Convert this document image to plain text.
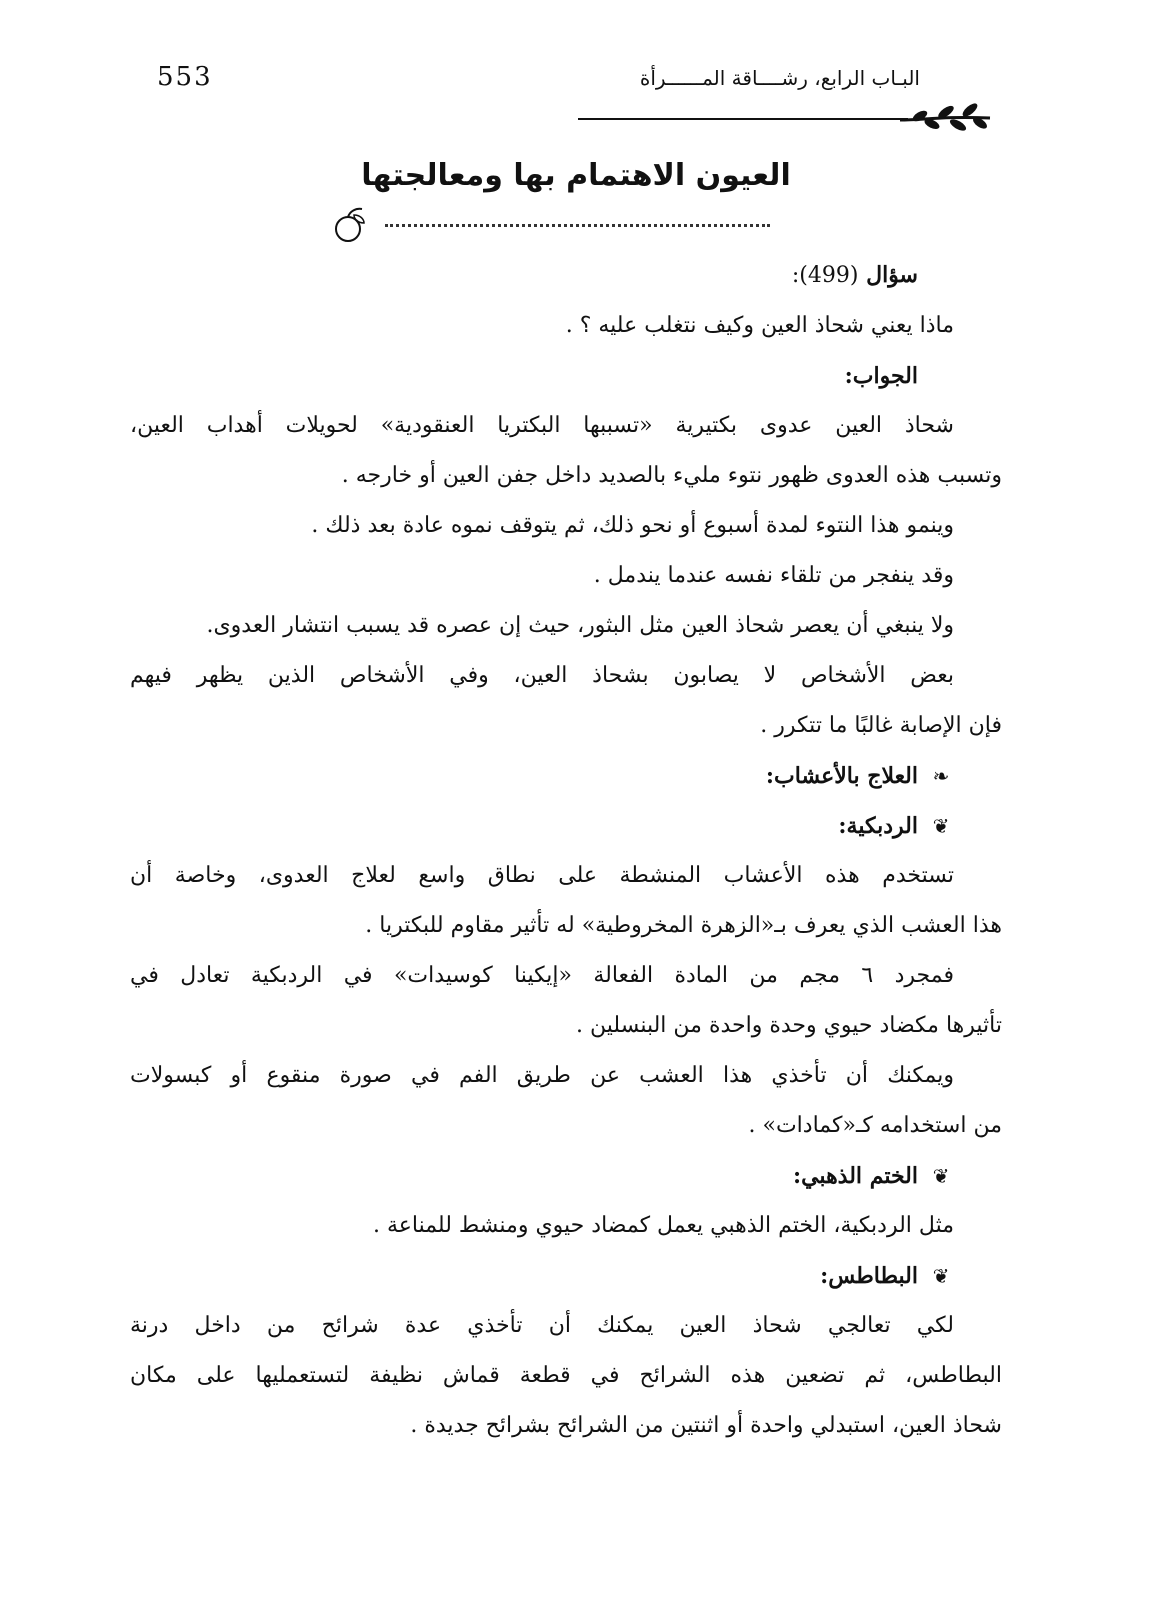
553	البـاب الرابع، رشــــاقة المــــــرأة
العيون الاهتمام بها ومعالجتها
سؤال (499):
ماذا يعني شحاذ العين وكيف نتغلب عليه ؟ .
الجواب:
شحاذ العين عدوى بكتيرية «تسببها البكتريا العنقودية» لحويلات أهداب العين،
وتسبب هذه العدوى ظهور نتوء مليء بالصديد داخل جفن العين أو خارجه .
وينمو هذا النتوء لمدة أسبوع أو نحو ذلك، ثم يتوقف نموه عادة بعد ذلك .
وقد ينفجر من تلقاء نفسه عندما يندمل .
ولا ينبغي أن يعصر شحاذ العين مثل البثور، حيث إن عصره قد يسبب انتشار العدوى.
بعض الأشخاص لا يصابون بشحاذ العين، وفي الأشخاص الذين يظهر فيهم
فإن الإصابة غالبًا ما تتكرر .
❧العلاج بالأعشاب:
❦الردبكية:
تستخدم هذه الأعشاب المنشطة على نطاق واسع لعلاج العدوى، وخاصة أن
هذا العشب الذي يعرف بـ«الزهرة المخروطية» له تأثير مقاوم للبكتريا .
فمجرد ٦ مجم من المادة الفعالة «إيكينا كوسيدات» في الردبكية تعادل في
تأثيرها مكضاد حيوي وحدة واحدة من البنسلين .
ويمكنك أن تأخذي هذا العشب عن طريق الفم في صورة منقوع أو كبسولات
من استخدامه كـ«كمادات» .
❦الختم الذهبي:
مثل الردبكية، الختم الذهبي يعمل كمضاد حيوي ومنشط للمناعة .
❦البطاطس:
لكي تعالجي شحاذ العين يمكنك أن تأخذي عدة شرائح من داخل درنة
البطاطس، ثم تضعين هذه الشرائح في قطعة قماش نظيفة لتستعمليها على مكان
شحاذ العين، استبدلي واحدة أو اثنتين من الشرائح بشرائح جديدة .
